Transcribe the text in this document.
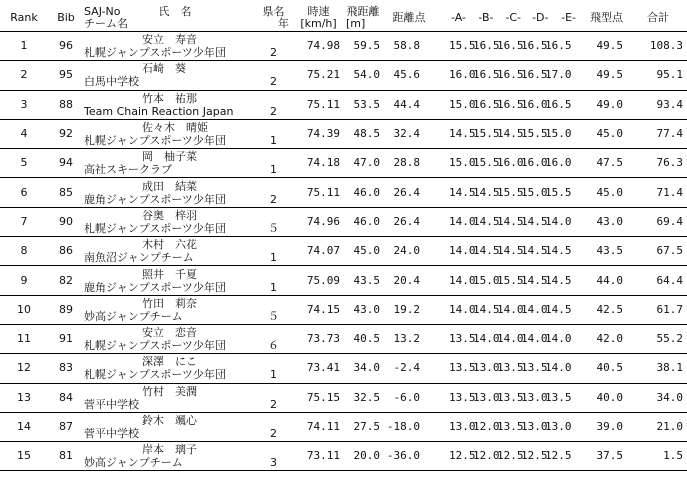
Rank	Bib	SAJ-No 氏　名
チーム名	県名
年	時速
[km/h]	飛距離
[m]	距離点	-A- -B- -C- -D- -E-	飛型点	合計
1	96	安立　寿音
札幌ジャンプスポーツ少年団	2	74.98	59.5	58.8	15.516.516.516.516.5	49.5	108.3
2	95	石崎　葵
白馬中学校	2	75.21	54.0	45.6	16.016.516.516.517.0	49.5	95.1
3	88	竹本　祐那
Team Chain Reaction Japan	2	75.11	53.5	44.4	15.016.516.516.016.5	49.0	93.4
4	92	佐々木　晴姫
札幌ジャンプスポーツ少年団	1	74.39	48.5	32.4	14.515.514.515.515.0	45.0	77.4
5	94	岡　柚子菜
高社スキークラブ	1	74.18	47.0	28.8	15.015.516.016.016.0	47.5	76.3
6	85	成田　結菜
鹿角ジャンプスポーツ少年団	2	75.11	46.0	26.4	14.514.515.515.015.5	45.0	71.4
7	90	谷奥　梓羽
札幌ジャンプスポーツ少年団	５	74.96	46.0	26.4	14.014.514.514.514.0	43.0	69.4
8	86	木村　六花
南魚沼ジャンプチーム	1	74.07	45.0	24.0	14.014.514.514.514.5	43.5	67.5
9	82	照井　千夏
鹿角ジャンプスポーツ少年団	1	75.09	43.5	20.4	14.015.015.514.514.5	44.0	64.4
10	89	竹田　莉奈
妙高ジャンプチーム	５	74.15	43.0	19.2	14.014.514.014.014.5	42.5	61.7
11	91	安立　恋音
札幌ジャンプスポーツ少年団	６	73.73	40.5	13.2	13.514.014.014.014.0	42.0	55.2
12	83	深澤　にこ
札幌ジャンプスポーツ少年団	1	73.41	34.0	-2.4	13.513.013.513.514.0	40.5	38.1
13	84	竹村　美潤
菅平中学校	2	75.15	32.5	-6.0	13.513.013.513.013.5	40.0	34.0
14	87	鈴木　颯心
菅平中学校	2	74.11	27.5	-18.0	13.012.013.513.013.0	39.0	21.0
15	81	岸本　璃子
妙高ジャンプチーム	3	73.11	20.0	-36.0	12.512.012.512.512.5	37.5	1.5
